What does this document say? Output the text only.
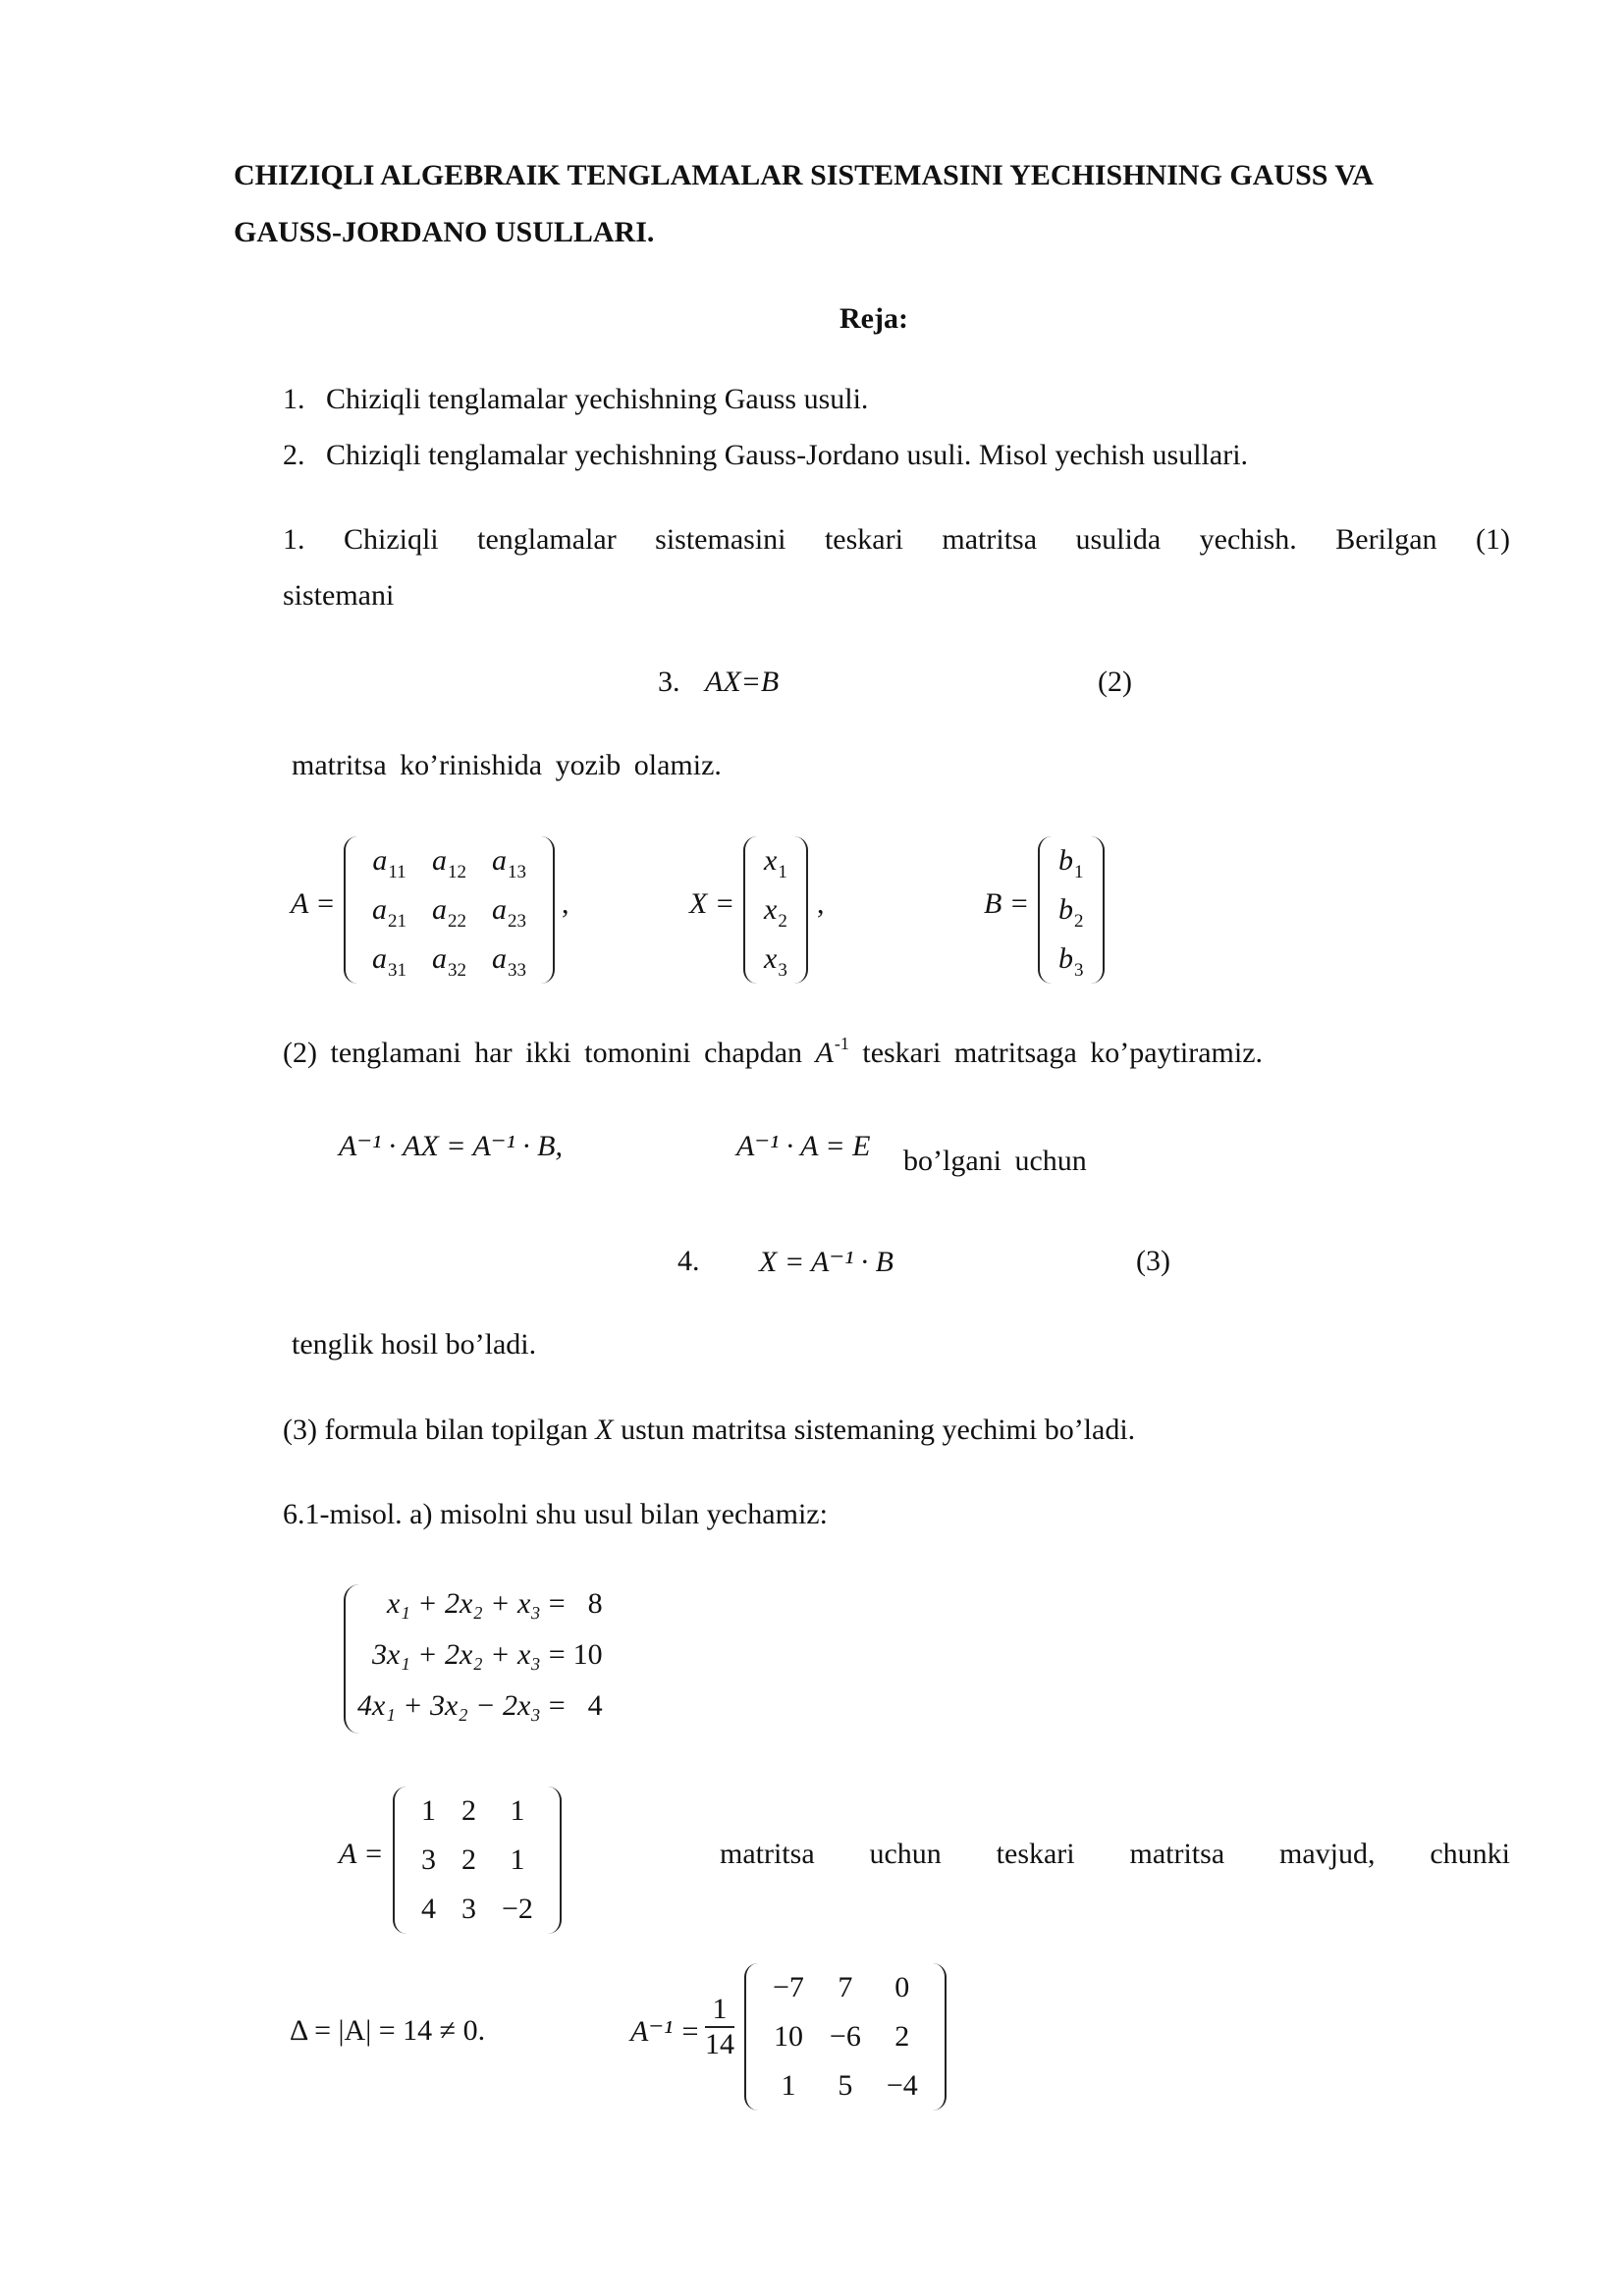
CHIZIQLI ALGEBRAIK TENGLAMALAR SISTEMASINI YECHISHNING GAUSS VA
GAUSS-JORDANO USULLARI.
Reja:
1. Chiziqli tenglamalar yechishning Gauss usuli.
2. Chiziqli tenglamalar yechishning Gauss-Jordano usuli. Misol yechish usullari.
1. Chiziqli tenglamalar sistemasini teskari matritsa usulida yechish. Berilgan (1)
sistemani
3. AX=B	(2)
matritsa ko’rinishida yozib olamiz.
A =
$a_{11}$	$a_{12}$	$a_{13}$
$a_{21}$	$a_{22}$	$a_{23}$
$a_{31}$	$a_{32}$	$a_{33}$
,	X =
$x_1$
$x_2$
$x_3$
,	B =
$b_1$
$b_2$
$b_3$
(2) tenglamani har ikki tomonini chapdan $A^{-1}$ teskari matritsaga ko’paytiramiz.
A⁻¹ · AX = A⁻¹ · B,	A⁻¹ · A = E bo’lgani uchun
4. X = A⁻¹ · B	(3)
tenglik hosil bo’ladi.
(3) formula bilan topilgan X ustun matritsa sistemaning yechimi bo’ladi.
6.1-misol. a) misolni shu usul bilan yechamiz:
x₁ + 2x₂ + x₃	=	8
3x₁ + 2x₂ + x₃	=	10
4x₁ + 3x₂ − 2x₃	=	4
A =
1	2	1
3	2	1
4	3	−2
matritsa uchun teskari matritsa mavjud, chunki
Δ = |A| = 14 ≠ 0.	$A^{-1} = \frac{1}{14}$
−7	7	0
10	−6	2
1	5	−4
